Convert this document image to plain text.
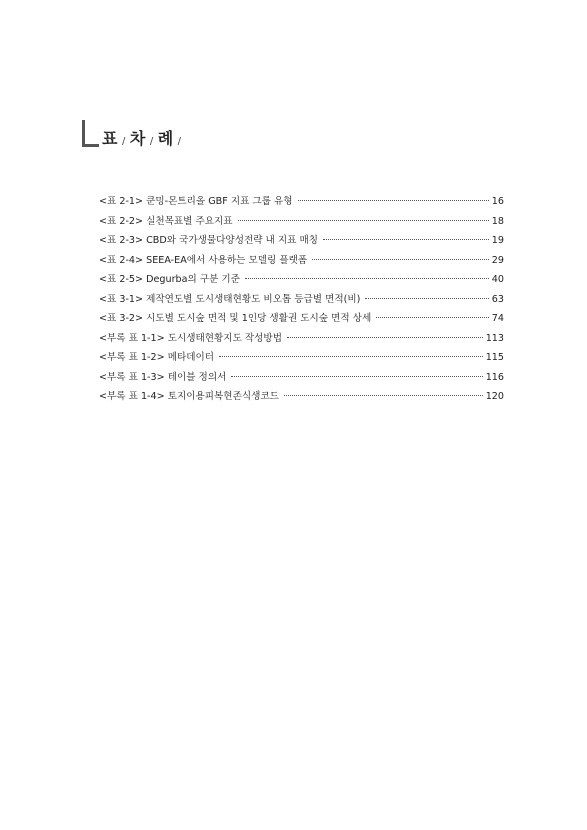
표 / 차 / 례 /
<표 2-1> 쿤밍-몬트리올 GBF 지표 그룹 유형	16
<표 2-2> 실천목표별 주요지표	18
<표 2-3> CBD와 국가생물다양성전략 내 지표 매칭	19
<표 2-4> SEEA-EA에서 사용하는 모델링 플랫폼	29
<표 2-5> Degurba의 구분 기준	40
<표 3-1> 제작연도별 도시생태현황도 비오톱 등급별 면적(비)	63
<표 3-2> 시도별 도시숲 면적 및 1인당 생활권 도시숲 면적 상세	74
<부록 표 1-1> 도시생태현황지도 작성방법	113
<부록 표 1-2> 메타데이터	115
<부록 표 1-3> 테이블 정의서	116
<부록 표 1-4> 토지이용피복현존식생코드	120
